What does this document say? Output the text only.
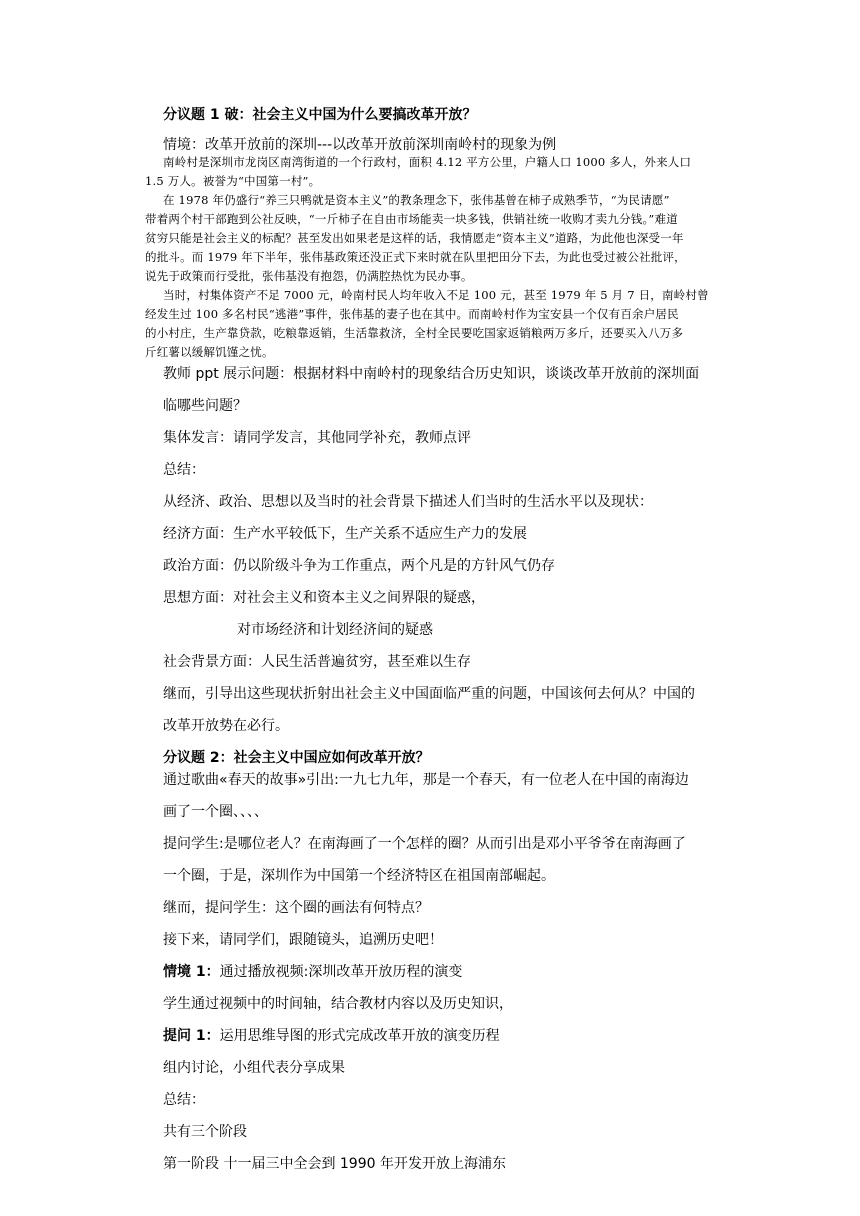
分议题 1 破：社会主义中国为什么要搞改革开放？
情境：改革开放前的深圳---以改革开放前深圳南岭村的现象为例
南岭村是深圳市龙岗区南湾街道的一个行政村，面积 4.12 平方公里，户籍人口 1000 多人，外来人口
1.5 万人。被誉为“中国第一村”。
在 1978 年仍盛行“养三只鸭就是资本主义”的教条理念下，张伟基曾在柿子成熟季节，“为民请愿”
带着两个村干部跑到公社反映，“一斤柿子在自由市场能卖一块多钱，供销社统一收购才卖九分钱。”难道
贫穷只能是社会主义的标配？甚至发出如果老是这样的话，我情愿走“资本主义”道路，为此他也深受一年
的批斗。而 1979 年下半年，张伟基政策还没正式下来时就在队里把田分下去，为此也受过被公社批评，
说先于政策而行受批，张伟基没有抱怨，仍满腔热忱为民办事。
当时，村集体资产不足 7000 元，岭南村民人均年收入不足 100 元，甚至 1979 年 5 月 7 日，南岭村曾
经发生过 100 多名村民“逃港”事件，张伟基的妻子也在其中。而南岭村作为宝安县一个仅有百余户居民
的小村庄，生产靠贷款，吃粮靠返销，生活靠救济，全村全民要吃国家返销粮两万多斤，还要买入八万多
斤红薯以缓解饥馑之忧。
教师 ppt 展示问题：根据材料中南岭村的现象结合历史知识，谈谈改革开放前的深圳面
临哪些问题？
集体发言：请同学发言，其他同学补充，教师点评
总结：
从经济、政治、思想以及当时的社会背景下描述人们当时的生活水平以及现状：
经济方面：生产水平较低下，生产关系不适应生产力的发展
政治方面：仍以阶级斗争为工作重点，两个凡是的方针风气仍存
思想方面：对社会主义和资本主义之间界限的疑惑，
对市场经济和计划经济间的疑惑
社会背景方面：人民生活普遍贫穷，甚至难以生存
继而，引导出这些现状折射出社会主义中国面临严重的问题，中国该何去何从？中国的
改革开放势在必行。
分议题 2：社会主义中国应如何改革开放？
通过歌曲«春天的故事»引出:一九七九年，那是一个春天，有一位老人在中国的南海边
画了一个圈、、、、
提问学生:是哪位老人？在南海画了一个怎样的圈？从而引出是邓小平爷爷在南海画了
一个圈，于是，深圳作为中国第一个经济特区在祖国南部崛起。
继而，提问学生：这个圈的画法有何特点？
接下来，请同学们，跟随镜头，追溯历史吧！
情境 1：通过播放视频:深圳改革开放历程的演变
学生通过视频中的时间轴，结合教材内容以及历史知识，
提问 1：运用思维导图的形式完成改革开放的演变历程
组内讨论，小组代表分享成果
总结：
共有三个阶段
第一阶段 十一届三中全会到 1990 年开发开放上海浦东
